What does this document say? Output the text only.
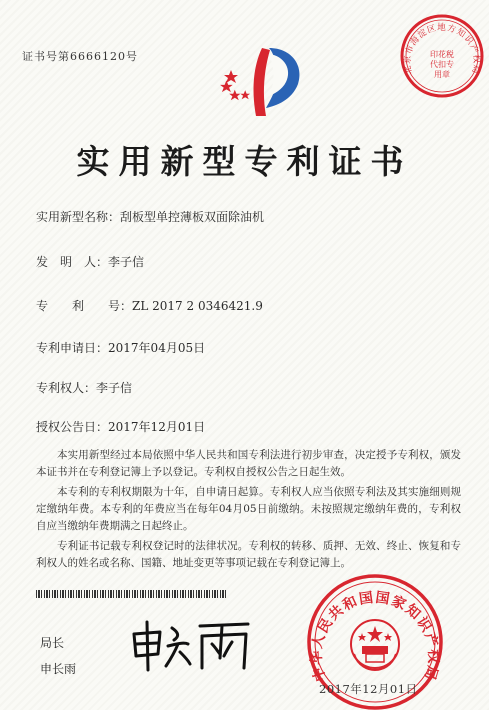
证书号第6666120号
北京市海淀区地方知识产权局
印花税代扣专用章
实用新型专利证书
实用新型名称：刮板型单控薄板双面除油机
发　明　人：李子信
专　　利　　号：ZL 2017 2 0346421.9
专利申请日：2017年04月05日
专利权人：李子信
授权公告日：2017年12月01日
本实用新型经过本局依照中华人民共和国专利法进行初步审查，决定授予专利权，颁发本证书并在专利登记簿上予以登记。专利权自授权公告之日起生效。
本专利的专利权期限为十年，自申请日起算。专利权人应当依照专利法及其实施细则规定缴纳年费。本专利的年费应当在每年04月05日前缴纳。未按照规定缴纳年费的，专利权自应当缴纳年费期满之日起终止。
专利证书记载专利权登记时的法律状况。专利权的转移、质押、无效、终止、恢复和专利权人的姓名或名称、国籍、地址变更等事项记载在专利登记簿上。
局长
申长雨	中华人民共和国国家知识产权局
2017年12月01日
